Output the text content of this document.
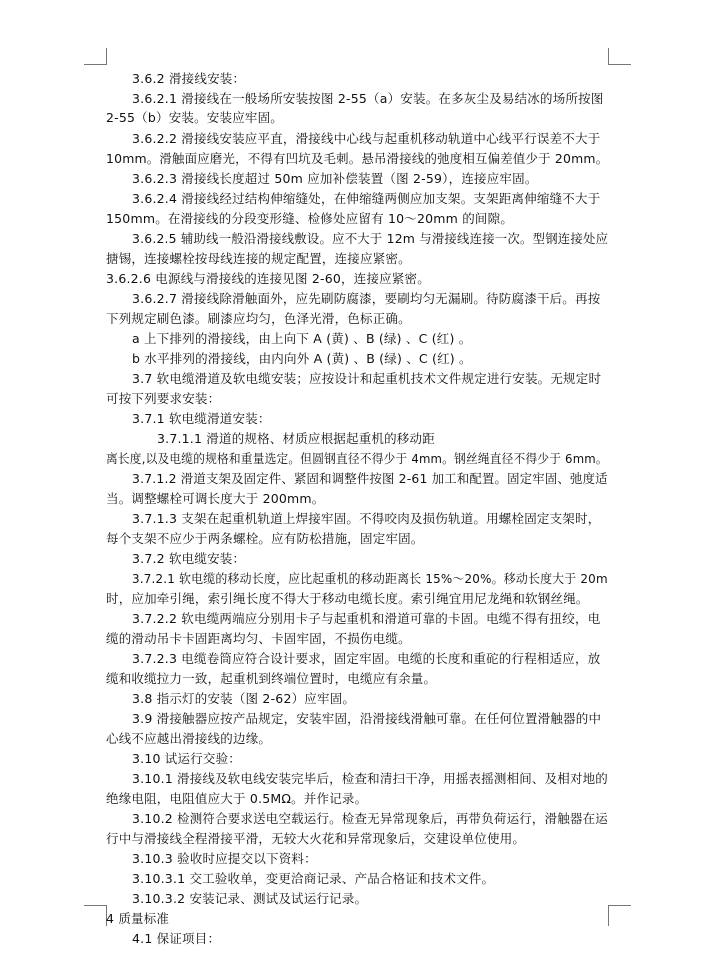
3.6.2 滑接线安装：
3.6.2.1 滑接线在一般场所安装按图 2-55（a）安装。在多灰尘及易结冰的场所按图
2-55（b）安装。安装应牢固。
3.6.2.2 滑接线安装应平直，滑接线中心线与起重机移动轨道中心线平行误差不大于
10mm。滑触面应磨光，不得有凹坑及毛刺。悬吊滑接线的弛度相互偏差值少于 20mm。
3.6.2.3 滑接线长度超过 50m 应加补偿装置（图 2-59），连接应牢固。
3.6.2.4 滑接线经过结构伸缩缝处，在伸缩缝两侧应加支架。支架距离伸缩缝不大于
150mm。在滑接线的分段变形缝、检修处应留有 10～20mm 的间隙。
3.6.2.5 辅助线一般沿滑接线敷设。应不大于 12m 与滑接线连接一次。型钢连接处应
搪锡，连接螺栓按母线连接的规定配置，连接应紧密。
3.6.2.6 电源线与滑接线的连接见图 2-60，连接应紧密。
3.6.2.7 滑接线除滑触面外，应先刷防腐漆，要刷均匀无漏刷。待防腐漆干后。再按
下列规定刷色漆。刷漆应均匀，色泽光滑，色标正确。
a 上下排列的滑接线，由上向下 A (黄) 、B (绿) 、C (红) 。
b 水平排列的滑接线，由内向外 A (黄) 、B (绿) 、C (红) 。
3.7 软电缆滑道及软电缆安装；应按设计和起重机技术文件规定进行安装。无规定时
可按下列要求安装：
3.7.1 软电缆滑道安装：
3.7.1.1 滑道的规格、材质应根据起重机的移动距
离长度,以及电缆的规格和重量选定。但圆钢直径不得少于 4mm。钢丝绳直径不得少于 6mm。
3.7.1.2 滑道支架及固定件、紧固和调整件按图 2-61 加工和配置。固定牢固、弛度适
当。调整螺栓可调长度大于 200mm。
3.7.1.3 支架在起重机轨道上焊接牢固。不得咬肉及损伤轨道。用螺栓固定支架时，
每个支架不应少于两条螺栓。应有防松措施，固定牢固。
3.7.2 软电缆安装：
3.7.2.1 软电缆的移动长度，应比起重机的移动距离长 15%～20%。移动长度大于 20m
时，应加牵引绳，索引绳长度不得大于移动电缆长度。索引绳宜用尼龙绳和软钢丝绳。
3.7.2.2 软电缆两端应分别用卡子与起重机和滑道可靠的卡固。电缆不得有扭绞，电
缆的滑动吊卡卡固距离均匀、卡固牢固，不损伤电缆。
3.7.2.3 电缆卷筒应符合设计要求，固定牢固。电缆的长度和重砣的行程相适应，放
缆和收缆拉力一致，起重机到终端位置时，电缆应有余量。
3.8 指示灯的安装（图 2-62）应牢固。
3.9 滑接触器应按产品规定，安装牢固，沿滑接线滑触可靠。在任何位置滑触器的中
心线不应越出滑接线的边缘。
3.10 试运行交验：
3.10.1 滑接线及软电线安装完毕后，检查和清扫干净，用摇表摇测相间、及相对地的
绝缘电阻，电阻值应大于 0.5MΩ。并作记录。
3.10.2 检测符合要求送电空载运行。检查无异常现象后，再带负荷运行，滑触器在运
行中与滑接线全程滑接平滑，无较大火花和异常现象后，交建设单位使用。
3.10.3 验收时应提交以下资料：
3.10.3.1 交工验收单，变更洽商记录、产品合格证和技术文件。
3.10.3.2 安装记录、测试及试运行记录。
4 质量标准
4.1 保证项目：
